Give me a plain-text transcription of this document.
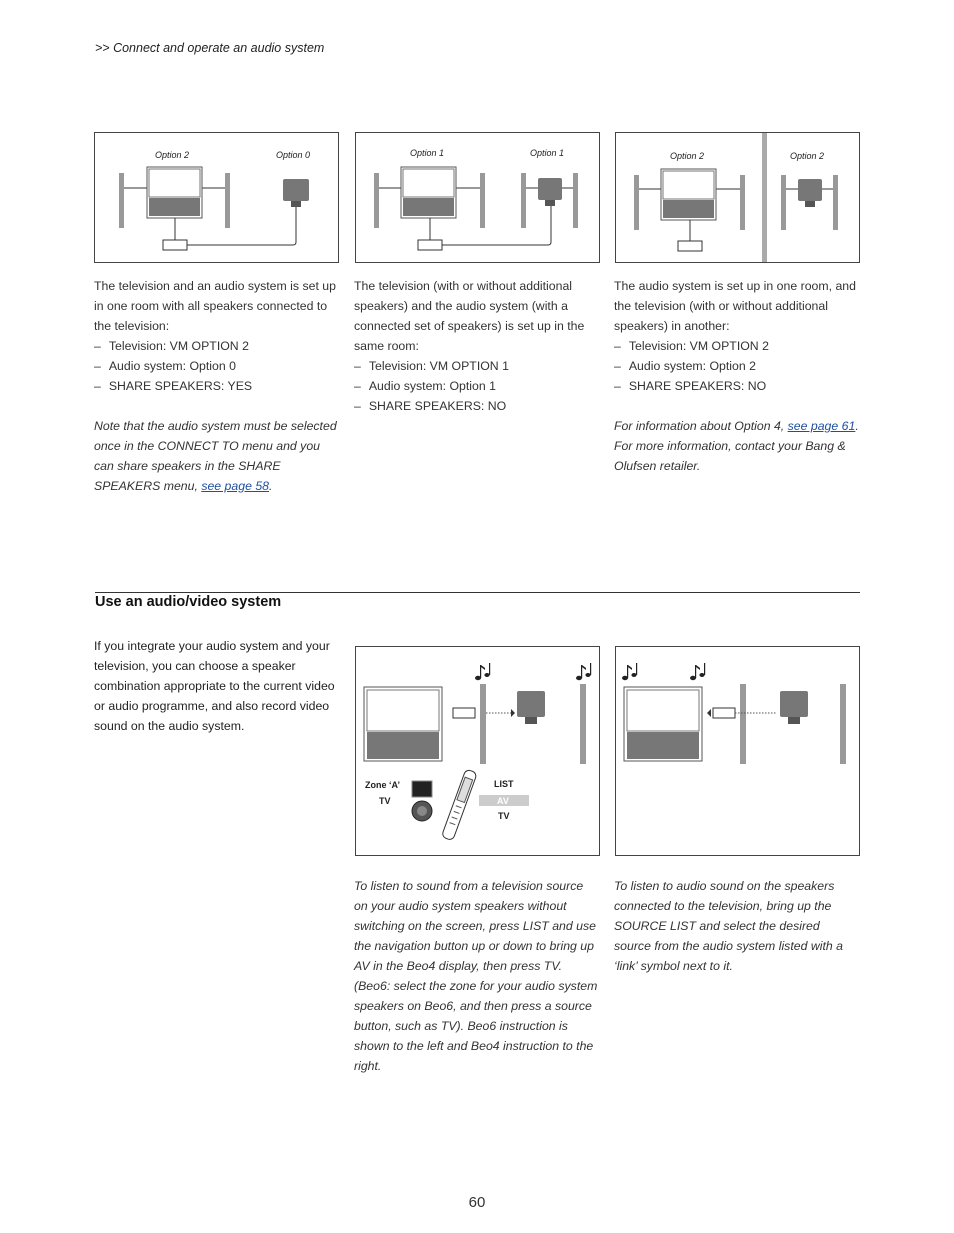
>> Connect and operate an audio system
Option 2	Option 0	Option 1	Option 1	Option 2	Option 2

The television and an audio system is set up in one room with all speakers connected to the television:

– Television: VM OPTION 2

– Audio system: Option 0

– SHARE SPEAKERS: YES

Note that the audio system must be selected once in the CONNECT TO menu and you can share speakers in the SHARE SPEAKERS menu, see page 58.

The television (with or without additional speakers) and the audio system (with a connected set of speakers) is set up in the same room:

– Television: VM OPTION 1

– Audio system: Option 1

– SHARE SPEAKERS: NO

The audio system is set up in one room, and the television (with or without additional speakers) in another:

– Television: VM OPTION 2

– Audio system: Option 2

– SHARE SPEAKERS: NO

For information about Option 4, see page 61. For more information, contact your Bang & Olufsen retailer.

Use an audio/video system

If you integrate your audio system and your television, you can choose a speaker combination appropriate to the current video or audio programme, and also record video sound on the audio system.

Zone ‘A’
TV
LIST
AV
TV

To listen to sound from a television source on your audio system speakers without switching on the screen, press LIST and use the navigation button up or down to bring up AV in the Beo4 display, then press TV. (Beo6: select the zone for your audio system speakers on Beo6, and then press a source button, such as TV). Beo6 instruction is shown to the left and Beo4 instruction to the right.

To listen to audio sound on the speakers connected to the television, bring up the SOURCE LIST and select the desired source from the audio system listed with a ‘link’ symbol next to it.

60
